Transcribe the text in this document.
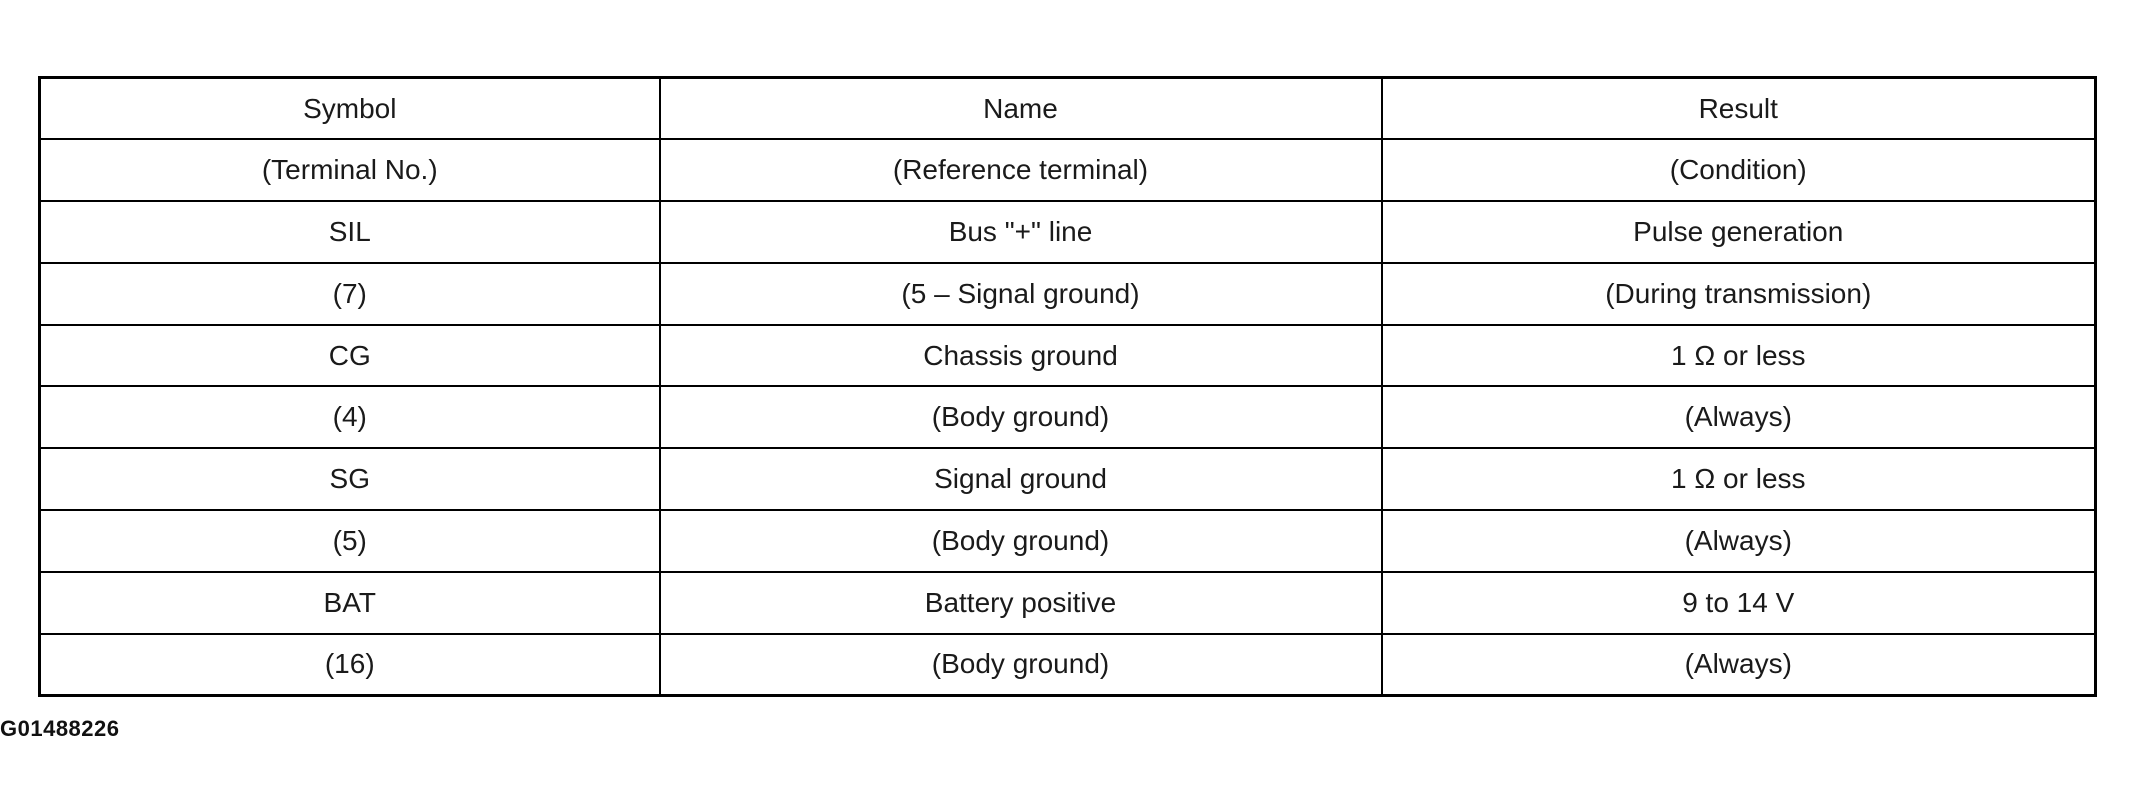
Symbol	Name	Result
(Terminal No.)	(Reference terminal)	(Condition)
SIL	Bus "+" line	Pulse generation
(7)	(5 – Signal ground)	(During transmission)
CG	Chassis ground	1 Ω or less
(4)	(Body ground)	(Always)
SG	Signal ground	1 Ω or less
(5)	(Body ground)	(Always)
BAT	Battery positive	9 to 14 V
(16)	(Body ground)	(Always)
G01488226
